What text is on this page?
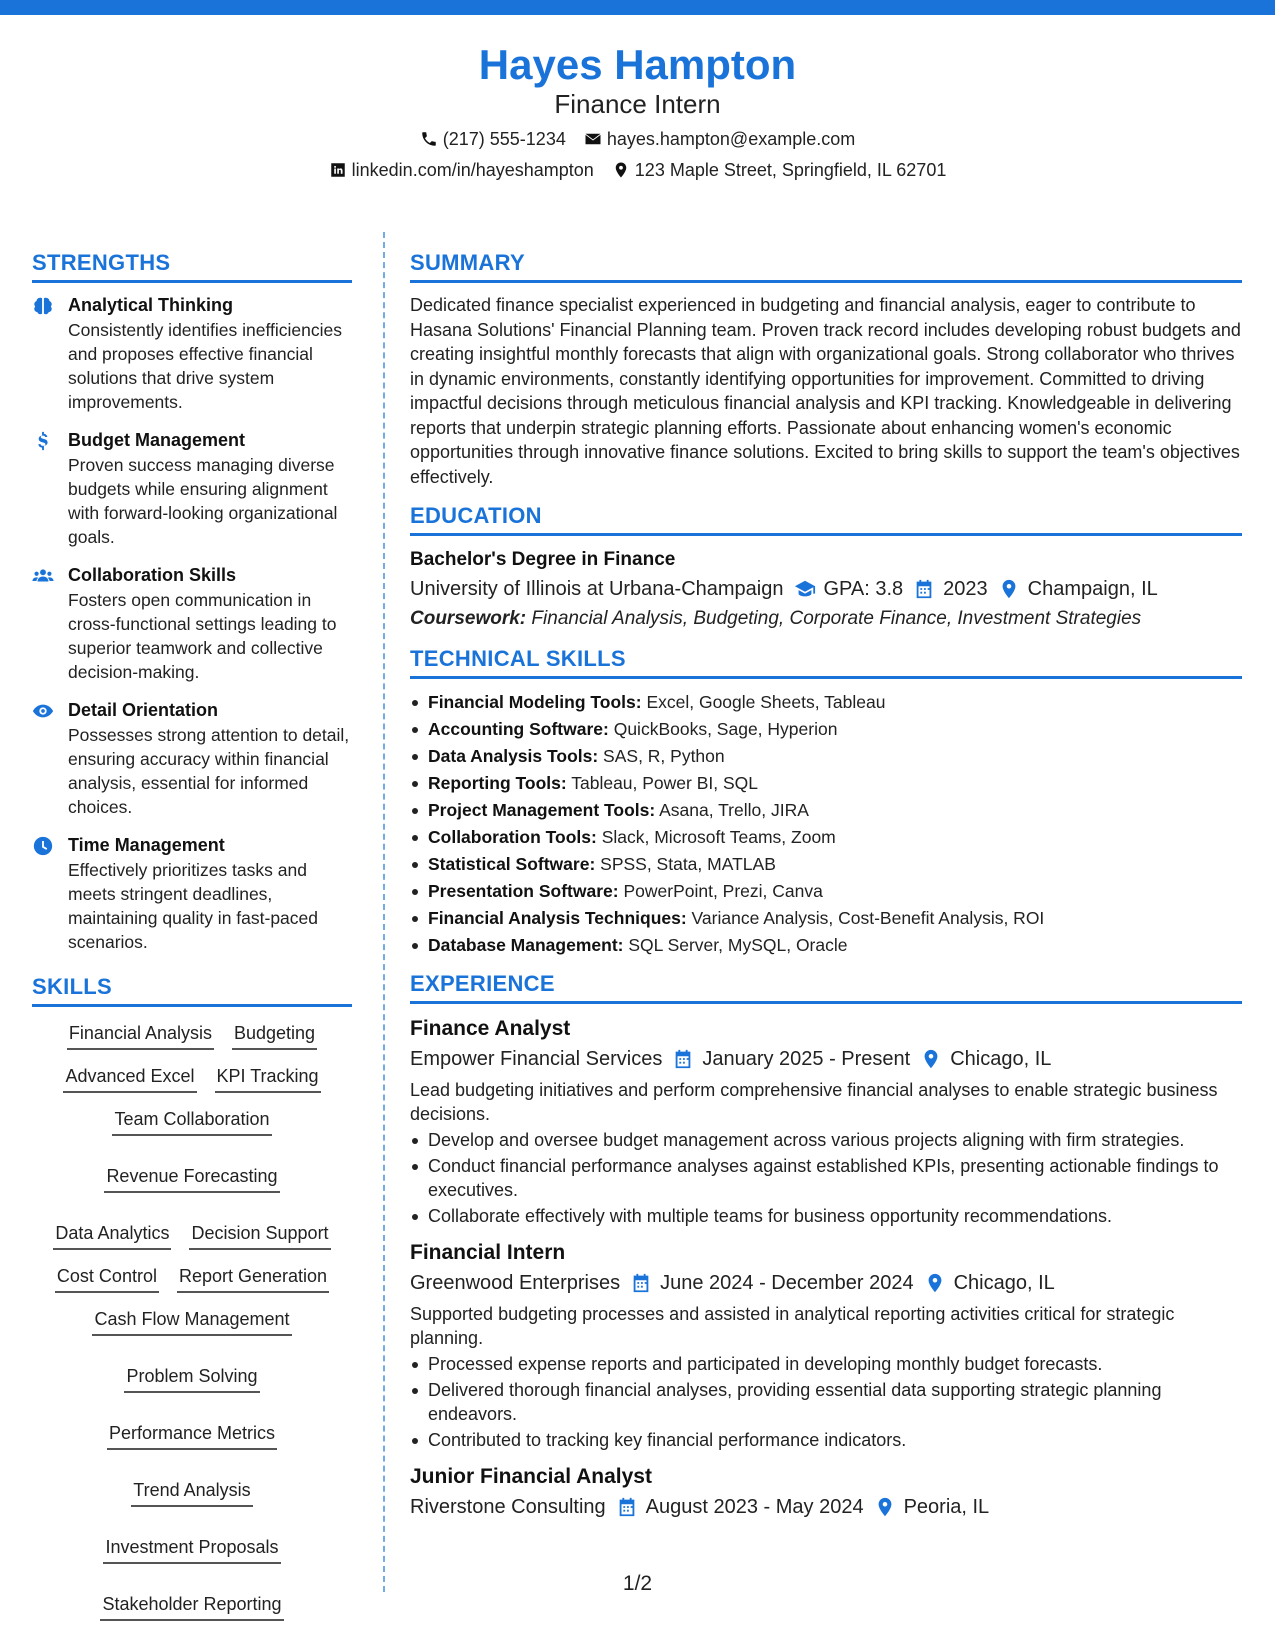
Hayes Hampton
Finance Intern
(217) 555-1234 hayes.hampton@example.com
linkedin.com/in/hayeshampton 123 Maple Street, Springfield, IL 62701
STRENGTHS
Analytical Thinking
Consistently identifies inefficiencies and proposes effective financial solutions that drive system improvements.
Budget Management
Proven success managing diverse budgets while ensuring alignment with forward-looking organizational goals.
Collaboration Skills
Fosters open communication in cross-functional settings leading to superior teamwork and collective decision-making.
Detail Orientation
Possesses strong attention to detail, ensuring accuracy within financial analysis, essential for informed choices.
Time Management
Effectively prioritizes tasks and meets stringent deadlines, maintaining quality in fast-paced scenarios.
SKILLS
Financial Analysis Budgeting
Advanced Excel KPI Tracking
Team Collaboration
Revenue Forecasting
Data Analytics Decision Support
Cost Control Report Generation
Cash Flow Management
Problem Solving
Performance Metrics
Trend Analysis
Investment Proposals
Stakeholder Reporting
SUMMARY
Dedicated finance specialist experienced in budgeting and financial analysis, eager to contribute to Hasana Solutions' Financial Planning team. Proven track record includes developing robust budgets and creating insightful monthly forecasts that align with organizational goals. Strong collaborator who thrives in dynamic environments, constantly identifying opportunities for improvement. Committed to driving impactful decisions through meticulous financial analysis and KPI tracking. Knowledgeable in delivering reports that underpin strategic planning efforts. Passionate about enhancing women's economic opportunities through innovative finance solutions. Excited to bring skills to support the team's objectives effectively.
EDUCATION
Bachelor's Degree in Finance
University of Illinois at Urbana-Champaign GPA: 3.8 2023 Champaign, IL
Coursework: Financial Analysis, Budgeting, Corporate Finance, Investment Strategies
TECHNICAL SKILLS
Financial Modeling Tools: Excel, Google Sheets, Tableau
Accounting Software: QuickBooks, Sage, Hyperion
Data Analysis Tools: SAS, R, Python
Reporting Tools: Tableau, Power BI, SQL
Project Management Tools: Asana, Trello, JIRA
Collaboration Tools: Slack, Microsoft Teams, Zoom
Statistical Software: SPSS, Stata, MATLAB
Presentation Software: PowerPoint, Prezi, Canva
Financial Analysis Techniques: Variance Analysis, Cost-Benefit Analysis, ROI
Database Management: SQL Server, MySQL, Oracle
EXPERIENCE
Finance Analyst
Empower Financial Services January 2025 - Present Chicago, IL
Lead budgeting initiatives and perform comprehensive financial analyses to enable strategic business decisions.
Develop and oversee budget management across various projects aligning with firm strategies.
Conduct financial performance analyses against established KPIs, presenting actionable findings to executives.
Collaborate effectively with multiple teams for business opportunity recommendations.
Financial Intern
Greenwood Enterprises June 2024 - December 2024 Chicago, IL
Supported budgeting processes and assisted in analytical reporting activities critical for strategic planning.
Processed expense reports and participated in developing monthly budget forecasts.
Delivered thorough financial analyses, providing essential data supporting strategic planning endeavors.
Contributed to tracking key financial performance indicators.
Junior Financial Analyst
Riverstone Consulting August 2023 - May 2024 Peoria, IL
1/2
